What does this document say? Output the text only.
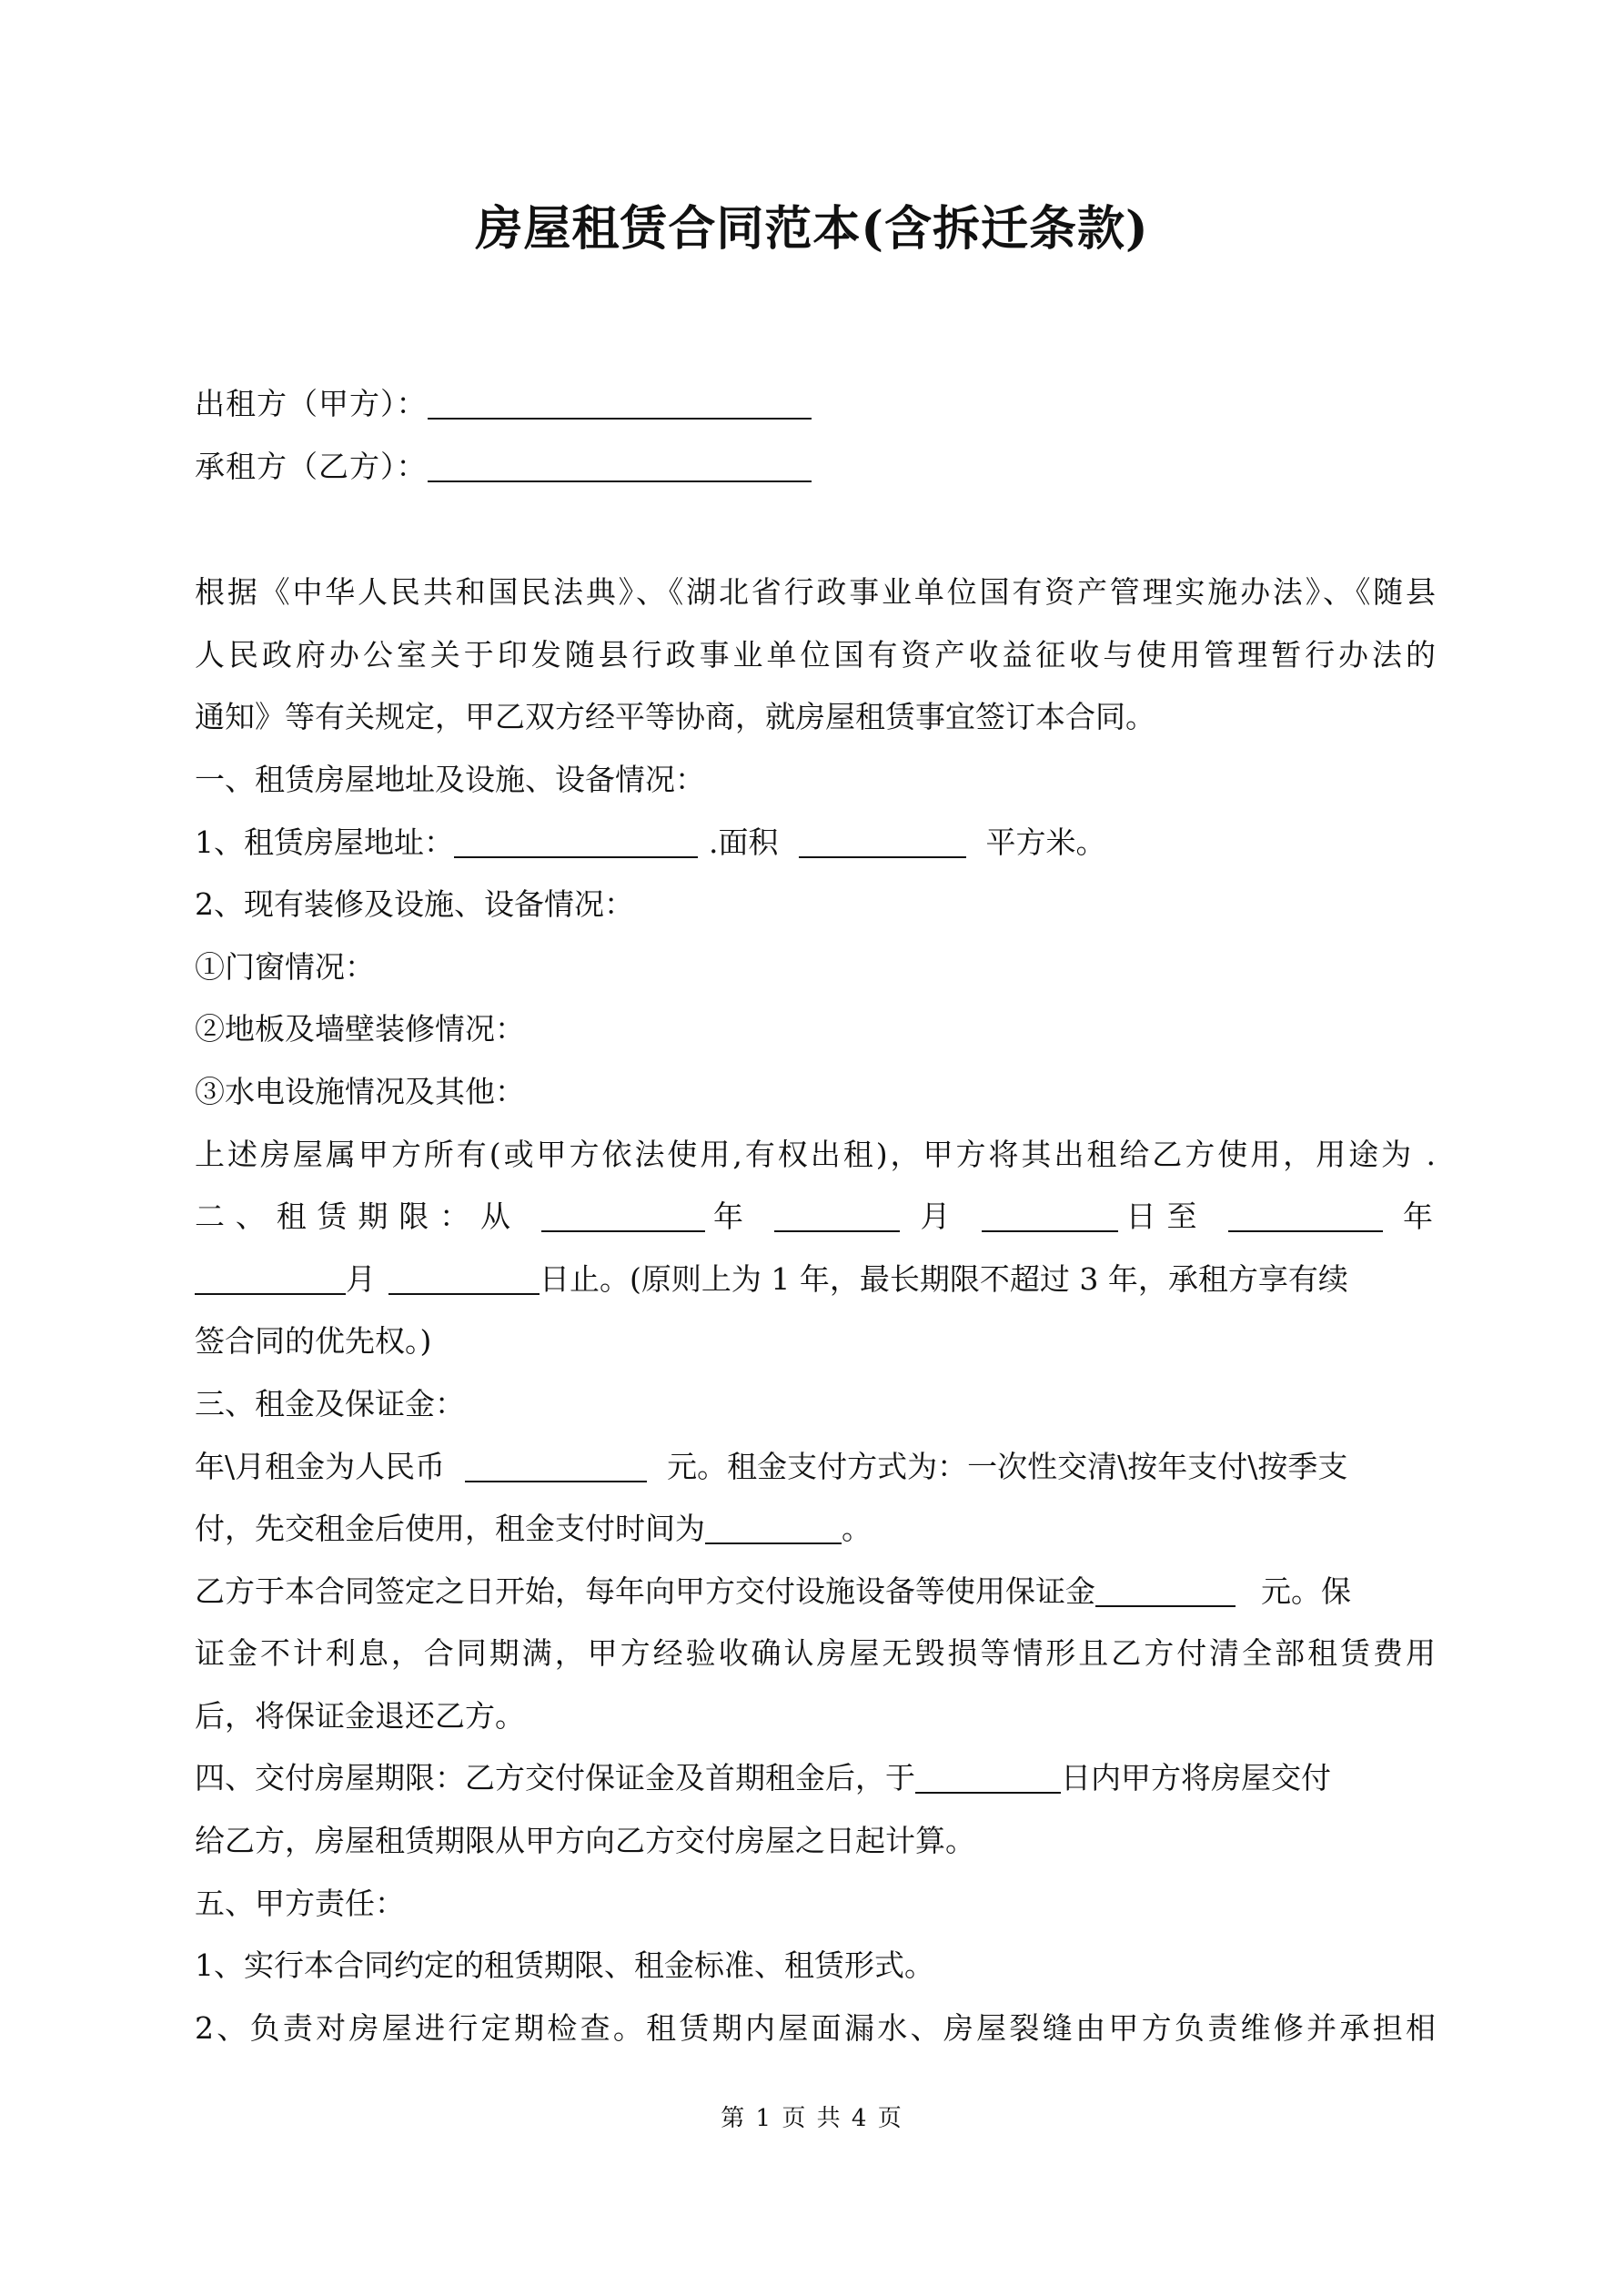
房屋租赁合同范本(含拆迁条款)
出租方（甲方）：
承租方（乙方）：
根据《中华人民共和国民法典》、《湖北省行政事业单位国有资产管理实施办法》、《随县
人民政府办公室关于印发随县行政事业单位国有资产收益征收与使用管理暂行办法的
通知》等有关规定，甲乙双方经平等协商，就房屋租赁事宜签订本合同。
一、租赁房屋地址及设施、设备情况：
1、租赁房屋地址：	.面积	平方米。
2、现有装修及设施、设备情况：
①门窗情况：
②地板及墙壁装修情况：
③水电设施情况及其他：
上述房屋属甲方所有(或甲方依法使用,有权出租)，甲方将其出租给乙方使用，用途为 .
二、租赁期限：从	年	月	日至	年
月	日止。(原则上为 1 年，最长期限不超过 3 年，承租方享有续
签合同的优先权。)
三、租金及保证金：
年\月租金为人民币	元。租金支付方式为：一次性交清\按年支付\按季支
付，先交租金后使用，租金支付时间为	。
乙方于本合同签定之日开始，每年向甲方交付设施设备等使用保证金	元。保
证金不计利息，合同期满，甲方经验收确认房屋无毁损等情形且乙方付清全部租赁费用
后，将保证金退还乙方。
四、交付房屋期限：乙方交付保证金及首期租金后，于	日内甲方将房屋交付
给乙方，房屋租赁期限从甲方向乙方交付房屋之日起计算。
五、甲方责任：
1、实行本合同约定的租赁期限、租金标准、租赁形式。
2、负责对房屋进行定期检查。租赁期内屋面漏水、房屋裂缝由甲方负责维修并承担相
第 1 页 共 4 页
